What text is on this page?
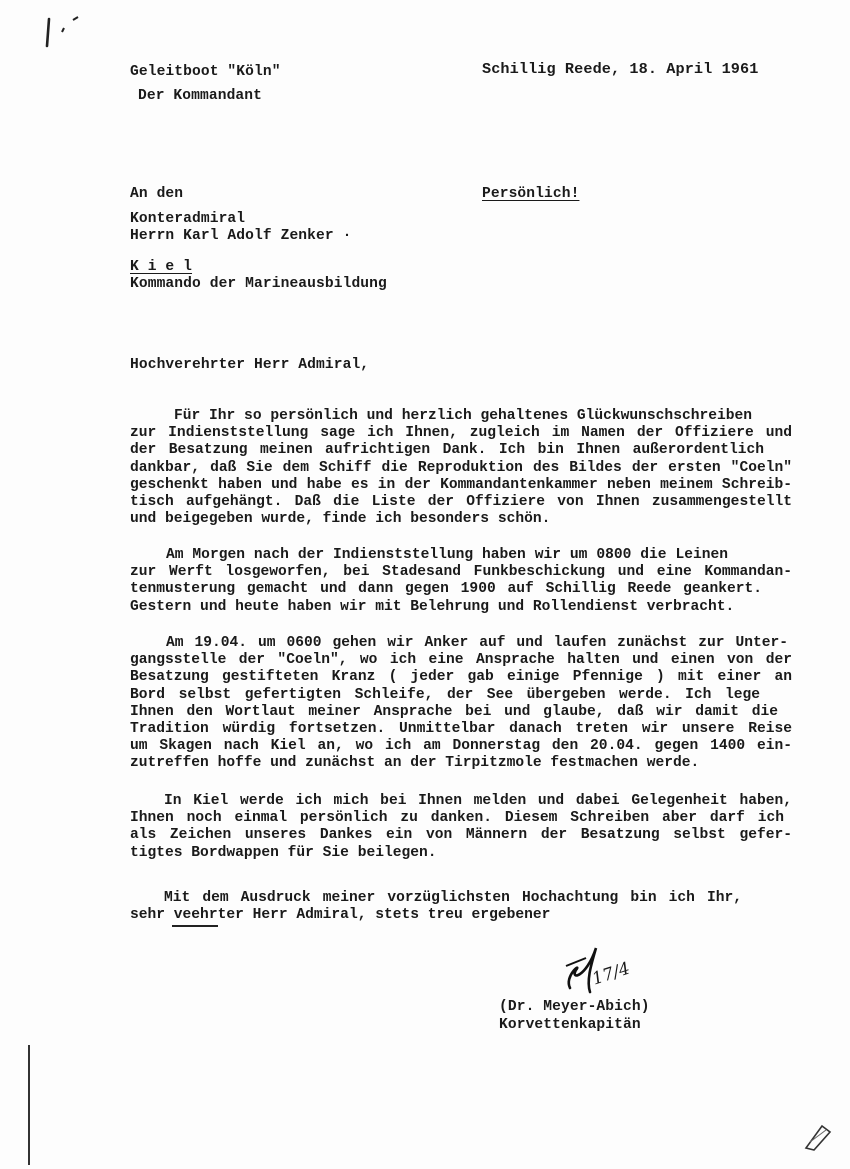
Geleitboot "Köln"
Der Kommandant
Schillig Reede, 18. April 1961
An den	Persönlich!
Konteradmiral
Herrn Karl Adolf Zenker ·
K i e l
Kommando der Marineausbildung
Hochverehrter Herr Admiral,
Für Ihr so persönlich und herzlich gehaltenes Glückwunschschreiben
zur Indienststellung sage ich Ihnen, zugleich im Namen der Offiziere und
der Besatzung meinen aufrichtigen Dank. Ich bin Ihnen außerordentlich
dankbar, daß Sie dem Schiff die Reproduktion des Bildes der ersten "Coeln"
geschenkt haben und habe es in der Kommandantenkammer neben meinem Schreib-
tisch aufgehängt. Daß die Liste der Offiziere von Ihnen zusammengestellt
und beigegeben wurde, finde ich besonders schön.
Am Morgen nach der Indienststellung haben wir um 0800 die Leinen
zur Werft losgeworfen, bei Stadesand Funkbeschickung und eine Kommandan-
tenmusterung gemacht und dann gegen 1900 auf Schillig Reede geankert.
Gestern und heute haben wir mit Belehrung und Rollendienst verbracht.
Am 19.04. um 0600 gehen wir Anker auf und laufen zunächst zur Unter-
gangsstelle der "Coeln", wo ich eine Ansprache halten und einen von der
Besatzung gestifteten Kranz ( jeder gab einige Pfennige ) mit einer an
Bord selbst gefertigten Schleife, der See übergeben werde. Ich lege
Ihnen den Wortlaut meiner Ansprache bei und glaube, daß wir damit die
Tradition würdig fortsetzen. Unmittelbar danach treten wir unsere Reise
um Skagen nach Kiel an, wo ich am Donnerstag den 20.04. gegen 1400 ein-
zutreffen hoffe und zunächst an der Tirpitzmole festmachen werde.
In Kiel werde ich mich bei Ihnen melden und dabei Gelegenheit haben,
Ihnen noch einmal persönlich zu danken. Diesem Schreiben aber darf ich
als Zeichen unseres Dankes ein von Männern der Besatzung selbst gefer-
tigtes Bordwappen für Sie beilegen.
Mit dem Ausdruck meiner vorzüglichsten Hochachtung bin ich Ihr,
sehr veehrter Herr Admiral, stets treu ergebener
17/4
(Dr. Meyer-Abich)
Korvettenkapitän
